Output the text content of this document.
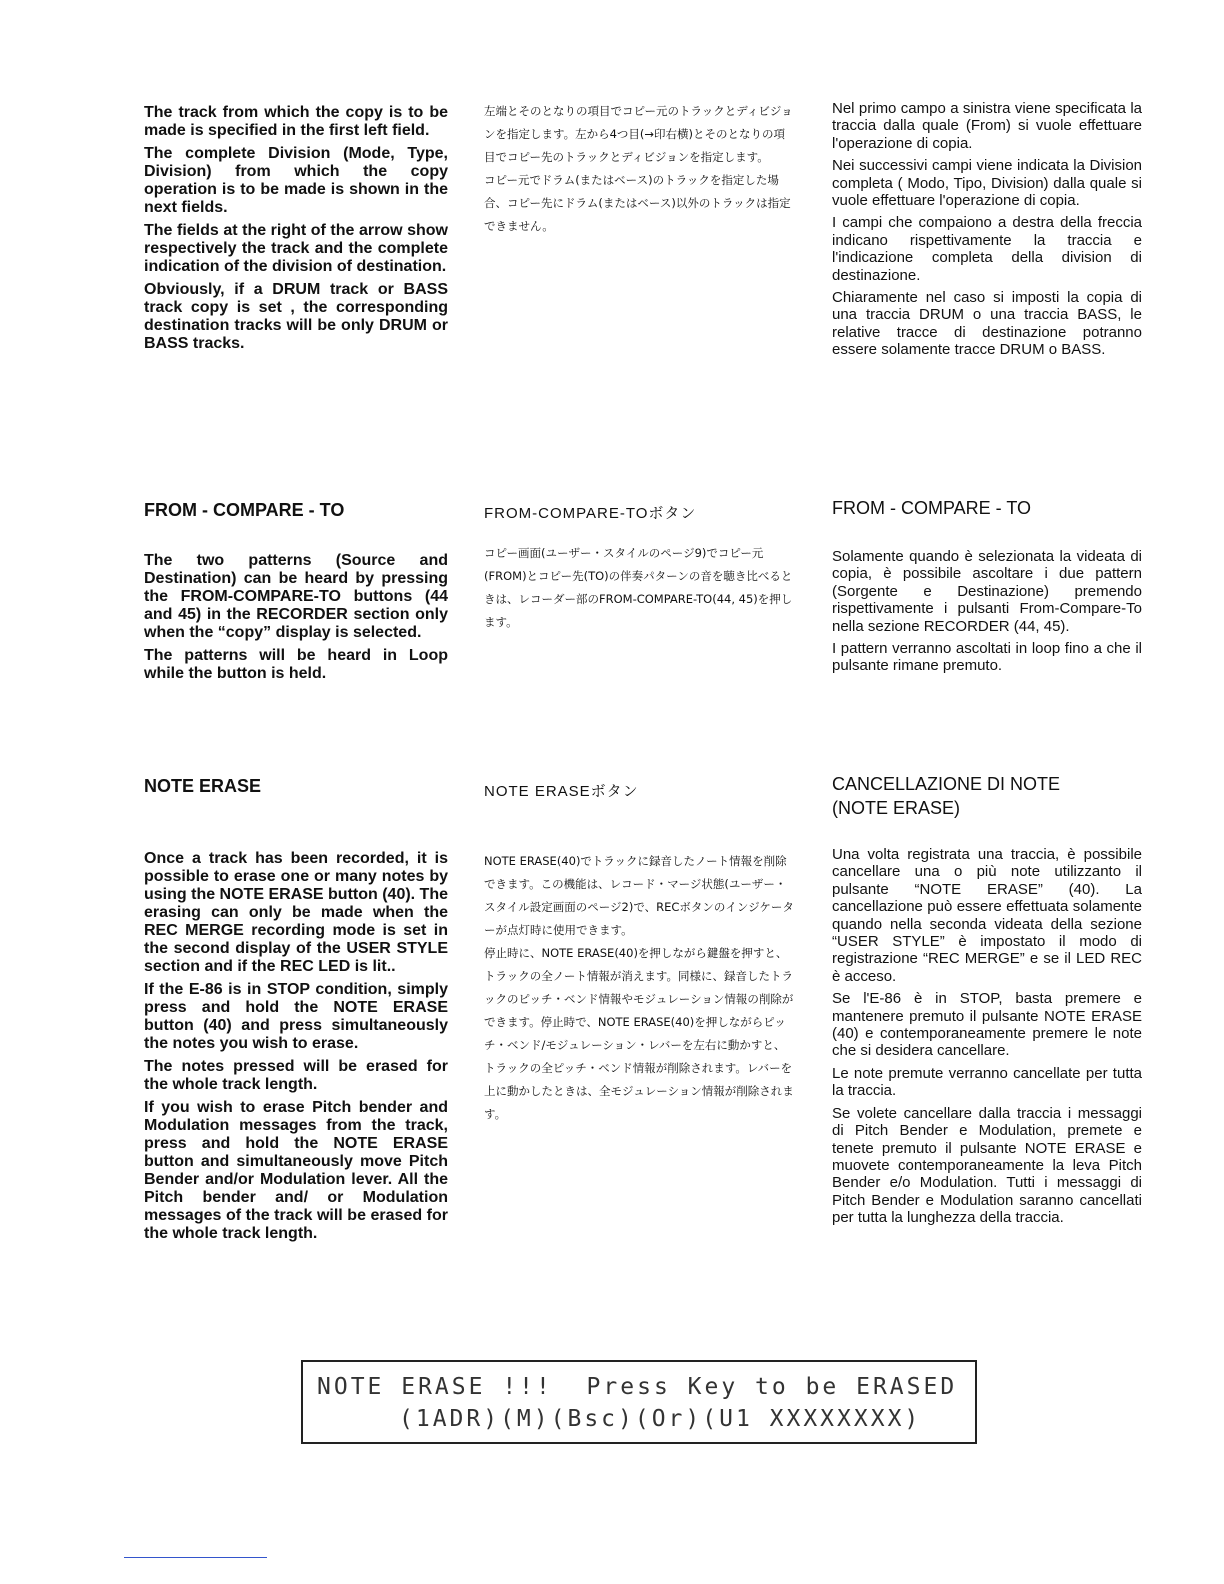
The track from which the copy is to be made is specified in the first left field.

The complete Division (Mode, Type, Division) from which the copy operation is to be made is shown in the next fields.

The fields at the right of the arrow show respectively the track and the complete indication of the division of destination.

Obviously, if a DRUM track or BASS track copy is set , the corresponding destination tracks will be only DRUM or BASS tracks.

左端とそのとなりの項目でコピー元のトラックとディビジョンを指定します。左から4つ目(→印右横)とそのとなりの項目でコピー先のトラックとディビジョンを指定します。

コピー元でドラム(またはベース)のトラックを指定した場合、コピー先にドラム(またはベース)以外のトラックは指定できません。

Nel primo campo a sinistra viene specificata la traccia dalla quale (From) si vuole effettuare l'operazione di copia.

Nei successivi campi viene indicata la Division completa ( Modo, Tipo, Division) dalla quale si vuole effettuare l'operazione di copia.

I campi che compaiono a destra della freccia indicano rispettivamente la traccia e l'indicazione completa della division di destinazione.

Chiaramente nel caso si imposti la copia di una traccia DRUM o una traccia BASS, le relative tracce di destinazione potranno essere solamente tracce DRUM o BASS.

FROM - COMPARE - TO	FROM-COMPARE-TOボタン	FROM - COMPARE - TO

The two patterns (Source and Destination) can be heard by pressing the FROM-COMPARE-TO buttons (44 and 45) in the RECORDER section only when the “copy” display is selected.

The patterns will be heard in Loop while the button is held.

コピー画面(ユーザー・スタイルのページ9)でコピー元(FROM)とコピー先(TO)の伴奏パターンの音を聴き比べるときは、レコーダー部のFROM-COMPARE-TO(44, 45)を押します。

Solamente quando è selezionata la videata di copia, è possibile ascoltare i due pattern (Sorgente e Destinazione) premendo rispettivamente i pulsanti From-Compare-To nella sezione RECORDER (44, 45).

I pattern verranno ascoltati in loop fino a che il pulsante rimane premuto.

NOTE ERASE	NOTE ERASEボタン	CANCELLAZIONE DI NOTE (NOTE ERASE)

Once a track has been recorded, it is possible to erase one or many notes by using the NOTE ERASE button (40). The erasing can only be made when the REC MERGE recording mode is set in the second display of the USER STYLE section and if the REC LED is lit..

If the E-86 is in STOP condition, simply press and hold the NOTE ERASE button (40) and press simultaneously the notes you wish to erase.

The notes pressed will be erased for the whole track length.

If you wish to erase Pitch bender and Modulation messages from the track, press and hold the NOTE ERASE button and simultaneously move Pitch Bender and/or Modulation lever. All the Pitch bender and/ or Modulation messages of the track will be erased for the whole track length.

NOTE ERASE(40)でトラックに録音したノート情報を削除できます。この機能は、レコード・マージ状態(ユーザー・スタイル設定画面のページ2)で、RECボタンのインジケーターが点灯時に使用できます。

停止時に、NOTE ERASE(40)を押しながら鍵盤を押すと、トラックの全ノート情報が消えます。同様に、録音したトラックのピッチ・ベンド情報やモジュレーション情報の削除ができます。停止時で、NOTE ERASE(40)を押しながらピッチ・ベンド/モジュレーション・レバーを左右に動かすと、トラックの全ピッチ・ベンド情報が削除されます。レバーを上に動かしたときは、全モジュレーション情報が削除されます。

Una volta registrata una traccia, è possibile cancellare una o più note utilizzanto il pulsante “NOTE ERASE” (40). La cancellazione può essere effettuata solamente quando nella seconda videata della sezione “USER STYLE” è impostato il modo di registrazione “REC MERGE” e se il LED REC è acceso.

Se l'E-86 è in STOP, basta premere e mantenere premuto il pulsante NOTE ERASE (40) e contemporaneamente premere le note che si desidera cancellare.

Le note premute verranno cancellate per tutta la traccia.

Se volete cancellare dalla traccia i messaggi di Pitch Bender e Modulation, premete e tenete premuto il pulsante NOTE ERASE e muovete contemporaneamente la leva Pitch Bender e/o Modulation. Tutti i messaggi di Pitch Bender e Modulation saranno cancellati per tutta la lunghezza della traccia.

NOTE ERASE !!!  Press Key to be ERASED
(1ADR)(M)(Bsc)(Or)(U1 XXXXXXXX)
